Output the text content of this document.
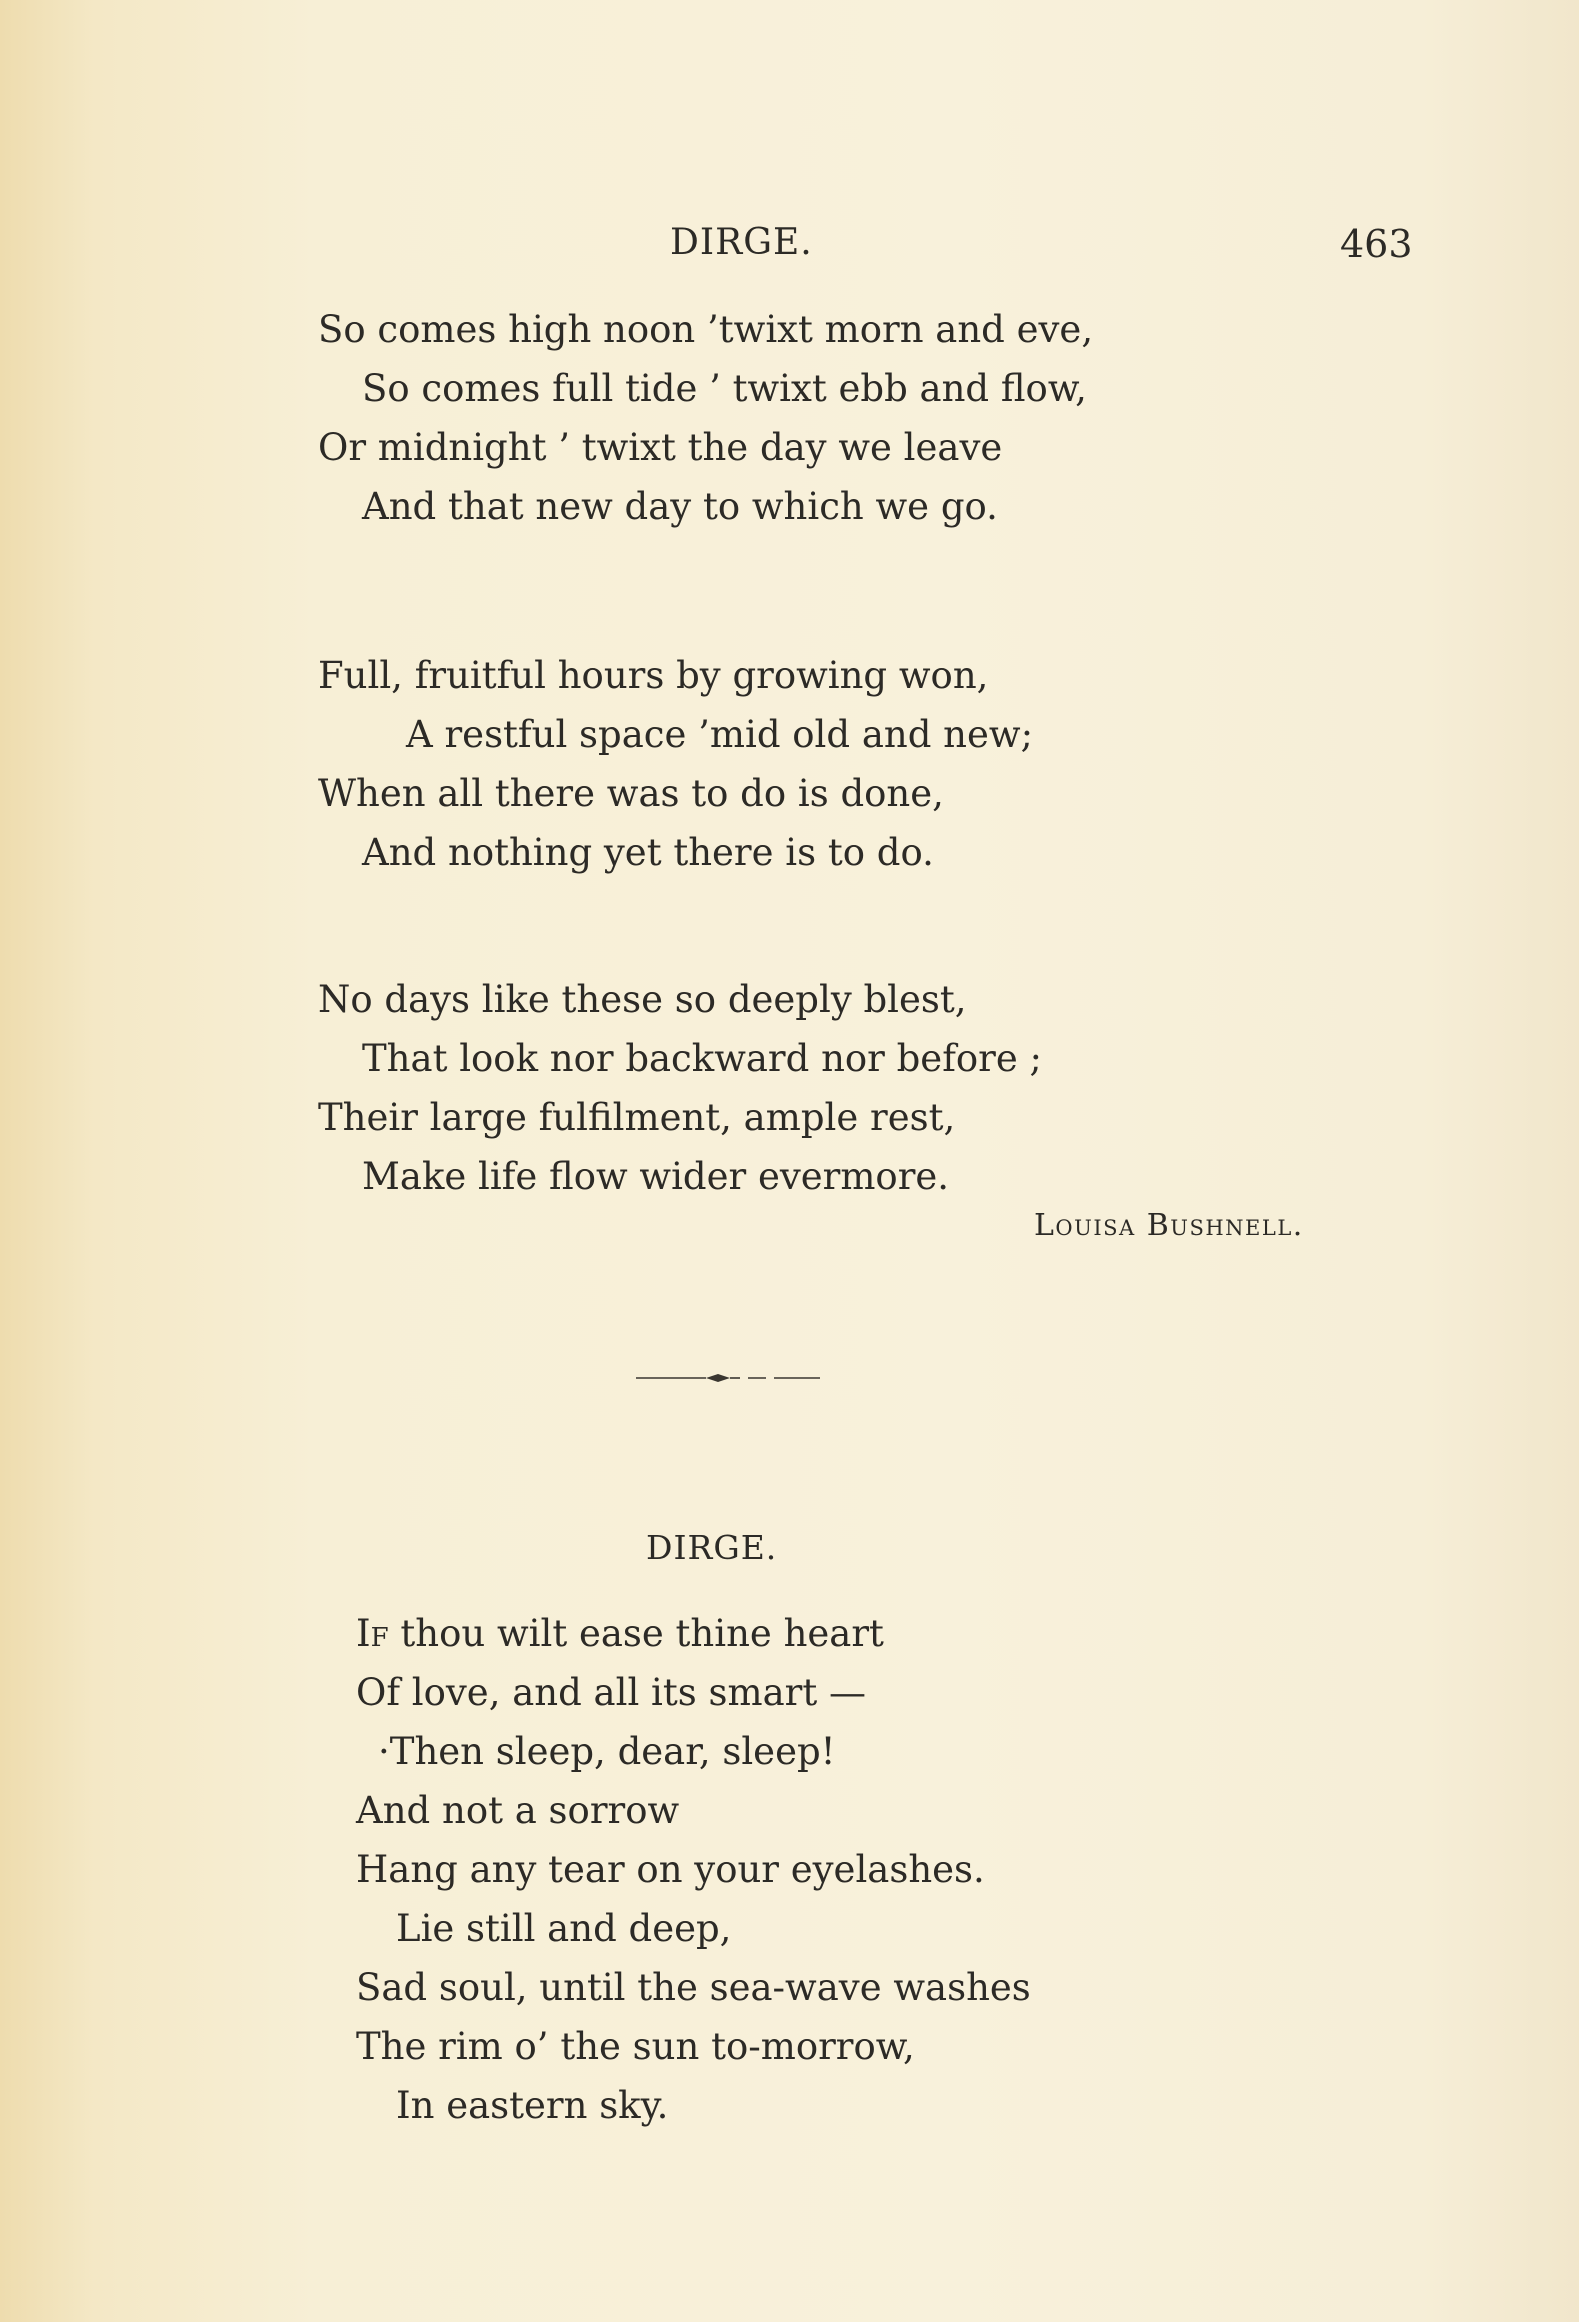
DIRGE.	463
So comes high noon ’twixt morn and eve,
So comes full tide ’ twixt ebb and flow,
Or midnight ’ twixt the day we leave
And that new day to which we go.
Full, fruitful hours by growing won,
A restful space ’mid old and new;
When all there was to do is done,
And nothing yet there is to do.
No days like these so deeply blest,
That look nor backward nor before ;
Their large fulfilment, ample rest,
Make life flow wider evermore.
Louisa Bushnell.
DIRGE.
If thou wilt ease thine heart
Of love, and all its smart —
·Then sleep, dear, sleep!
And not a sorrow
Hang any tear on your eyelashes.
Lie still and deep,
Sad soul, until the sea-wave washes
The rim o’ the sun to-morrow,
In eastern sky.
